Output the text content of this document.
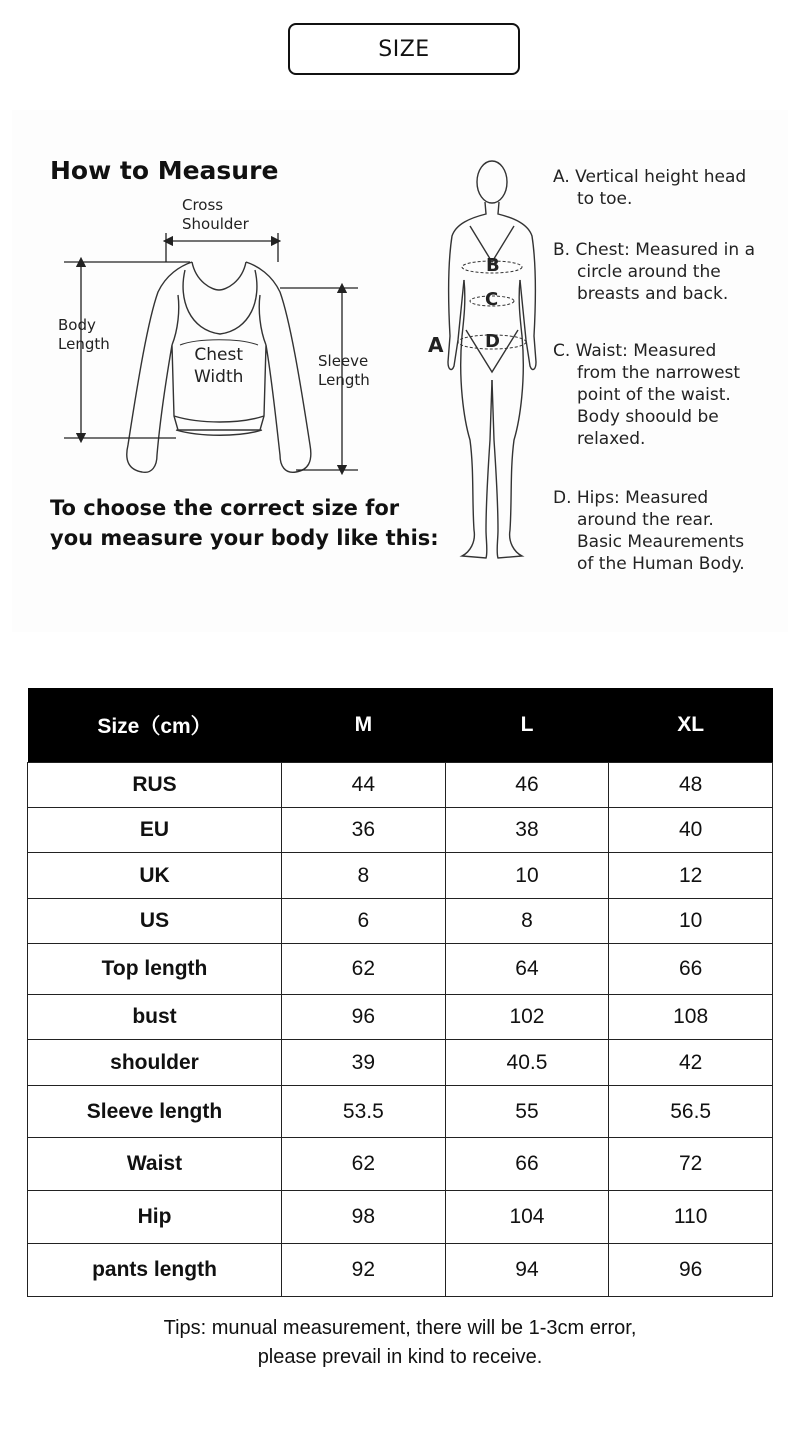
SIZE
How to Measure
Cross
Shoulder
Body
Length
Chest
Width
Sleeve
Length
To choose the correct size for
you measure your body like this:
A
B
C
D
A. Vertical height head
to toe.
B. Chest: Measured in a
circle around the
breasts and back.
C. Waist: Measured
from the narrowest
point of the waist.
Body shoould be
relaxed.
D. Hips: Measured
around the rear.
Basic Meaurements
of the Human Body.
Size（cm）	M	L	XL
RUS	44	46	48
EU	36	38	40
UK	8	10	12
US	6	8	10
Top length	62	64	66
bust	96	102	108
shoulder	39	40.5	42
Sleeve length	53.5	55	56.5
Waist	62	66	72
Hip	98	104	110
pants length	92	94	96
Tips: munual measurement, there will be 1-3cm error,
please prevail in kind to receive.
